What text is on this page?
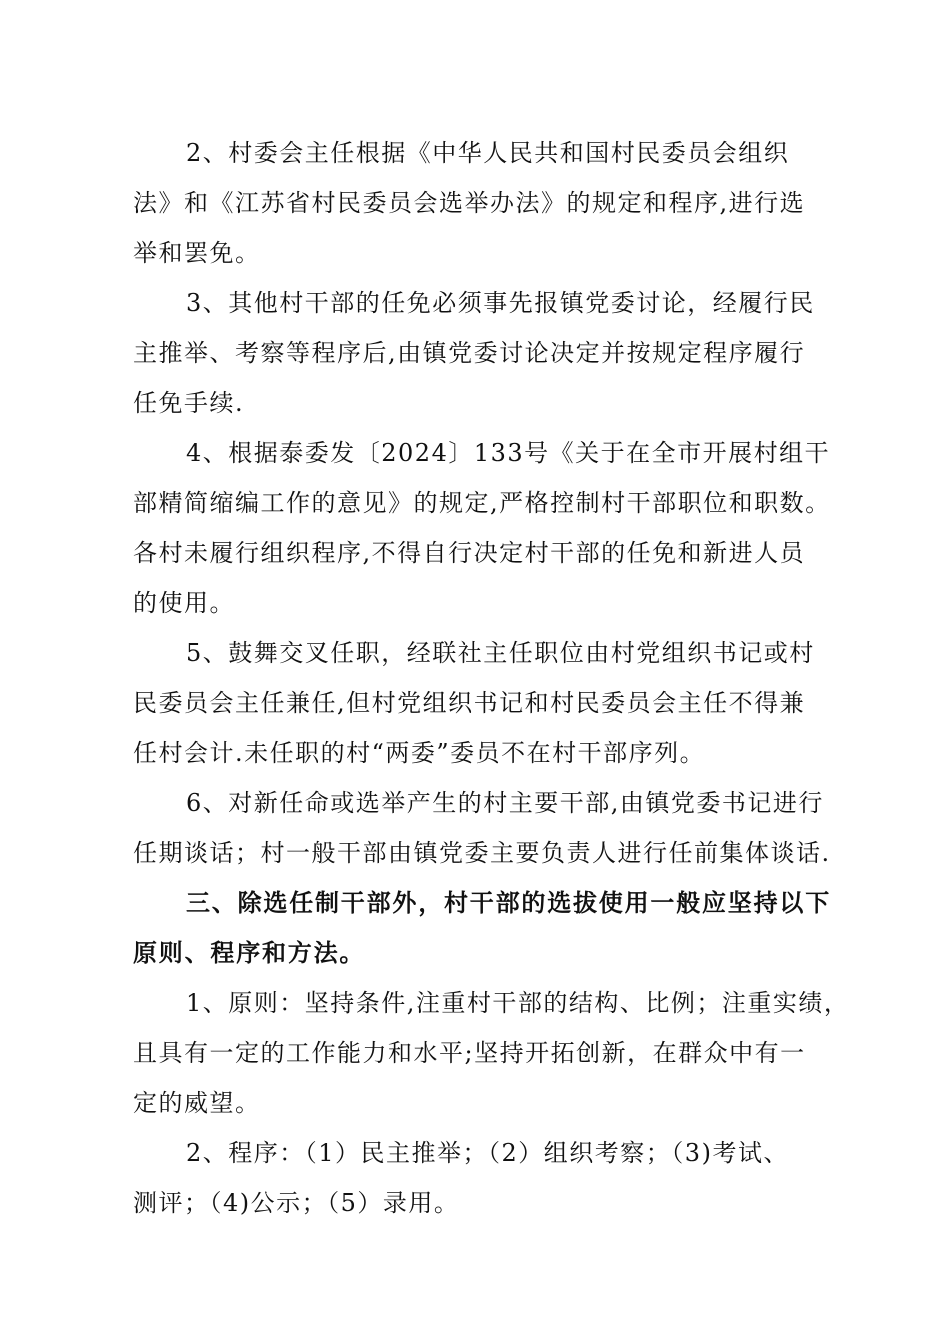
2、村委会主任根据《中华人民共和国村民委员会组织
法》和《江苏省村民委员会选举办法》的规定和程序,进行选
举和罢免。
3、其他村干部的任免必须事先报镇党委讨论，经履行民
主推举、考察等程序后,由镇党委讨论决定并按规定程序履行
任免手续.
4、根据泰委发〔2024〕133号《关于在全市开展村组干
部精简缩编工作的意见》的规定,严格控制村干部职位和职数。
各村未履行组织程序,不得自行决定村干部的任免和新进人员
的使用。
5、鼓舞交叉任职，经联社主任职位由村党组织书记或村
民委员会主任兼任,但村党组织书记和村民委员会主任不得兼
任村会计.未任职的村“两委”委员不在村干部序列。
6、对新任命或选举产生的村主要干部,由镇党委书记进行
任期谈话；村一般干部由镇党委主要负责人进行任前集体谈话.
三、除选任制干部外，村干部的选拔使用一般应坚持以下
原则、程序和方法。
1、原则：坚持条件,注重村干部的结构、比例；注重实绩，
且具有一定的工作能力和水平;坚持开拓创新，在群众中有一
定的威望。
2、程序：（1）民主推举；（2）组织考察；（3)考试、
测评；（4)公示；（5）录用。
